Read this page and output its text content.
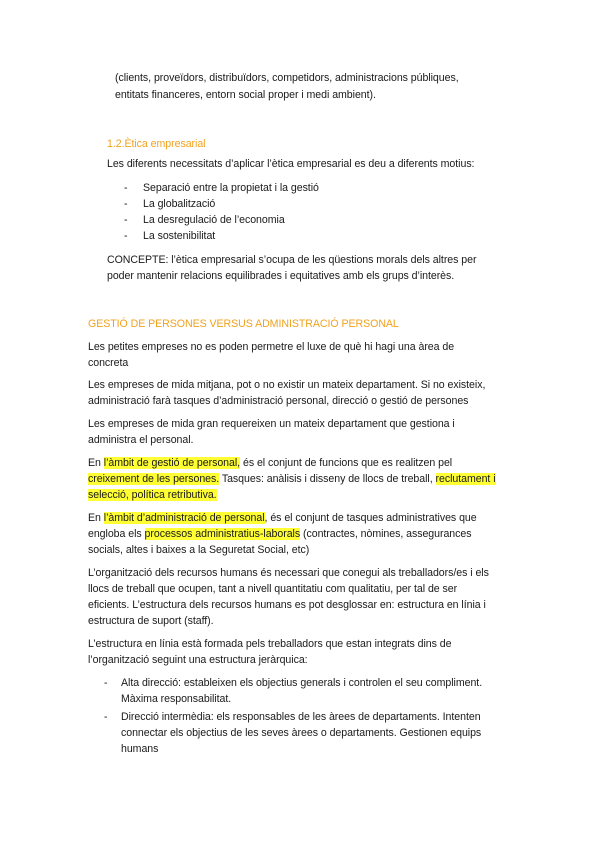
(clients, proveïdors, distribuïdors, competidors, administracions públiques,

entitats financeres, entorn social proper i medi ambient).

1.2.Ètica empresarial

Les diferents necessitats d’aplicar l’ètica empresarial es deu a diferents motius:

- Separació entre la propietat i la gestió

- La globalització

- La desregulació de l’economia

- La sostenibilitat

CONCEPTE: l’ètica empresarial s’ocupa de les qüestions morals dels altres per

poder mantenir relacions equilibrades i equitatives amb els grups d’interès.

GESTIÓ DE PERSONES VERSUS ADMINISTRACIÓ PERSONAL

Les petites empreses no es poden permetre el luxe de què hi hagi una àrea de

concreta

Les empreses de mida mitjana, pot o no existir un mateix departament. Si no existeix,

administració farà tasques d’administració personal, direcció o gestió de persones

Les empreses de mida gran requereixen un mateix departament que gestiona i

administra el personal.

En l’àmbit de gestió de personal, és el conjunt de funcions que es realitzen pel

creixement de les persones. Tasques: anàlisis i disseny de llocs de treball, reclutament i

selecció, política retributiva.

En l’àmbit d’administració de personal, és el conjunt de tasques administratives que

engloba els processos administratius-laborals (contractes, nòmines, assegurances

socials, altes i baixes a la Seguretat Social, etc)

L’organització dels recursos humans és necessari que conegui als treballadors/es i els

llocs de treball que ocupen, tant a nivell quantitatiu com qualitatiu, per tal de ser

eficients. L’estructura dels recursos humans es pot desglossar en: estructura en línia i

estructura de suport (staff).

L’estructura en línia està formada pels treballadors que estan integrats dins de

l’organització seguint una estructura jeràrquica:

- Alta direcció: estableixen els objectius generals i controlen el seu compliment.

Màxima responsabilitat.

- Direcció intermèdia: els responsables de les àrees de departaments. Intenten

connectar els objectius de les seves àrees o departaments. Gestionen equips

humans
